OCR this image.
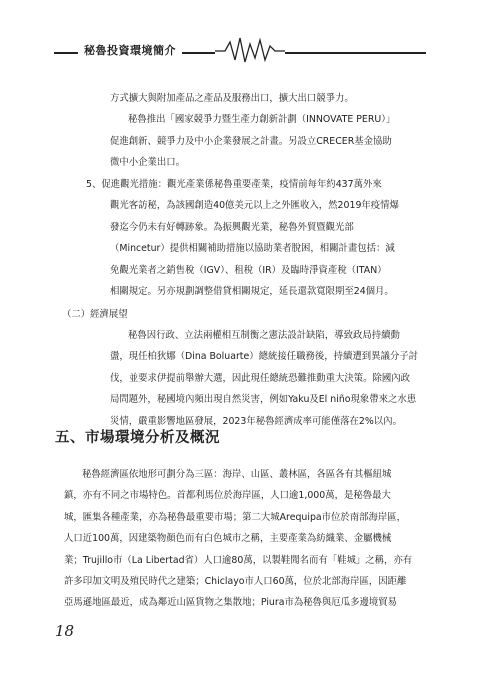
秘魯投資環境簡介
方式擴大與附加產品之產品及服務出口，擴大出口競爭力。
秘魯推出「國家競爭力暨生產力創新計劃（INNOVATE PERU）」
促進創新、競爭力及中小企業發展之計畫。另設立CRECER基金協助
微中小企業出口。
5、促進觀光措施：觀光產業係秘魯重要產業，疫情前每年約437萬外來
觀光客訪秘，為該國創造40億美元以上之外匯收入，然2019年疫情爆
發迄今仍未有好轉跡象。為振興觀光業，秘魯外貿暨觀光部
（Mincetur）提供相關補助措施以協助業者脫困，相關計畫包括：減
免觀光業者之銷售稅（IGV）、租稅（IR）及臨時淨資產稅（ITAN）
相關規定。另亦規劃調整借貸相關規定，延長還款寬限期至24個月。
（二）經濟展望
秘魯因行政、立法兩權相互制衡之憲法設計缺陷，導致政局持續動
盪，現任柏狄娜（Dina Boluarte）總統接任職務後，持續遭到異議分子討
伐，並要求伊提前舉辦大選，因此現任總統恐難推動重大決策。除國內政
局問題外，秘國境內頻出現自然災害，例如Yaku及El niño現象帶來之水患
災情，嚴重影響地區發展，2023年秘魯經濟成率可能僅落在2%以內。
五、市場環境分析及概況
秘魯經濟區依地形可劃分為三區：海岸、山區、叢林區，各區各有其樞紐城
鎮，亦有不同之市場特色。首都利馬位於海岸區，人口逾1,000萬，是秘魯最大
城，匯集各種產業，亦為秘魯最重要市場；第二大城Arequipa市位於南部海岸區，
人口近100萬，因建築物顏色而有白色城市之稱，主要產業為紡織業、金屬機械
業；Trujillo市（La Libertad省）人口逾80萬，以製鞋聞名而有「鞋城」之稱，亦有
許多印加文明及殖民時代之建築；Chiclayo市人口60萬，位於北部海岸區，因距離
亞馬遜地區最近，成為鄰近山區貨物之集散地；Piura市為秘魯與厄瓜多邊境貿易
18
